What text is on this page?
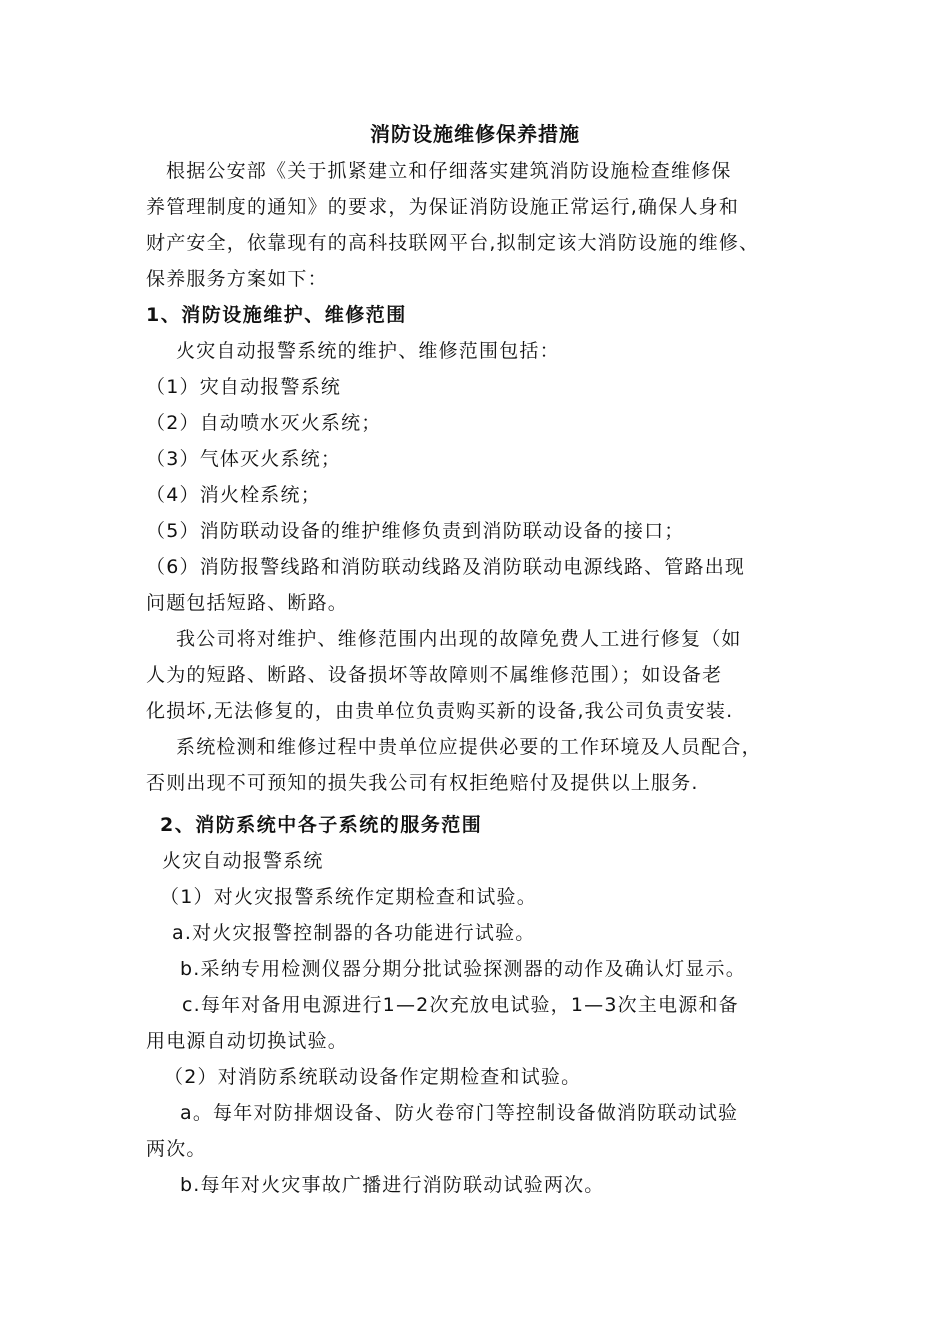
消防设施维修保养措施
根据公安部《关于抓紧建立和仔细落实建筑消防设施检查维修保
养管理制度的通知》的要求，为保证消防设施正常运行,确保人身和
财产安全，依靠现有的高科技联网平台,拟制定该大消防设施的维修、
保养服务方案如下：
1、消防设施维护、维修范围
火灾自动报警系统的维护、维修范围包括：
（1）灾自动报警系统
（2）自动喷水灭火系统；
（3）气体灭火系统；
（4）消火栓系统；
（5）消防联动设备的维护维修负责到消防联动设备的接口；
（6）消防报警线路和消防联动线路及消防联动电源线路、管路出现
问题包括短路、断路。
我公司将对维护、维修范围内出现的故障免费人工进行修复（如
人为的短路、断路、设备损坏等故障则不属维修范围）；如设备老
化损坏,无法修复的，由贵单位负责购买新的设备,我公司负责安装.
系统检测和维修过程中贵单位应提供必要的工作环境及人员配合，
否则出现不可预知的损失我公司有权拒绝赔付及提供以上服务.
2、消防系统中各子系统的服务范围
火灾自动报警系统
（1）对火灾报警系统作定期检查和试验。
a.对火灾报警控制器的各功能进行试验。
b.采纳专用检测仪器分期分批试验探测器的动作及确认灯显示。
c.每年对备用电源进行1—2次充放电试验，1—3次主电源和备
用电源自动切换试验。
（2）对消防系统联动设备作定期检查和试验。
a。每年对防排烟设备、防火卷帘门等控制设备做消防联动试验
两次。
b.每年对火灾事故广播进行消防联动试验两次。
